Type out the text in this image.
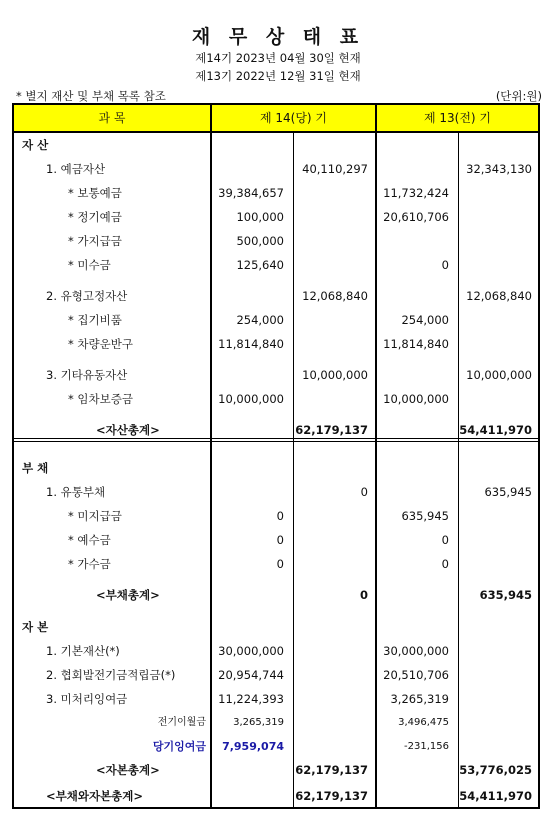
재 무 상 태 표
제14기 2023년 04월 30일 현재
제13기 2022년 12월 31일 현재
* 별지 재산 및 부채 목록 참조	(단위:원)
과 목	제 14(당) 기	제 13(전) 기
자 산
1. 예금자산	40,110,297	32,343,130
* 보통예금	39,384,657	11,732,424
* 정기예금	100,000	20,610,706
* 가지급금	500,000
* 미수금	125,640	0
2. 유형고정자산	12,068,840	12,068,840
* 집기비품	254,000	254,000
* 차량운반구	11,814,840	11,814,840
3. 기타유동자산	10,000,000	10,000,000
* 임차보증금	10,000,000	10,000,000
<자산총계>	62,179,137	54,411,970
부 채
1. 유통부채	0	635,945
* 미지급금	0	635,945
* 예수금	0	0
* 가수금	0	0
<부채총계>	0	635,945
자 본
1. 기본재산(*)	30,000,000	30,000,000
2. 협회발전기금적립금(*)	20,954,744	20,510,706
3. 미처리잉여금	11,224,393	3,265,319
전기이월금	3,265,319	3,496,475
당기잉여금 7,959,074	-231,156
<자본총계>	62,179,137	53,776,025
<부채와자본총계>	62,179,137	54,411,970
